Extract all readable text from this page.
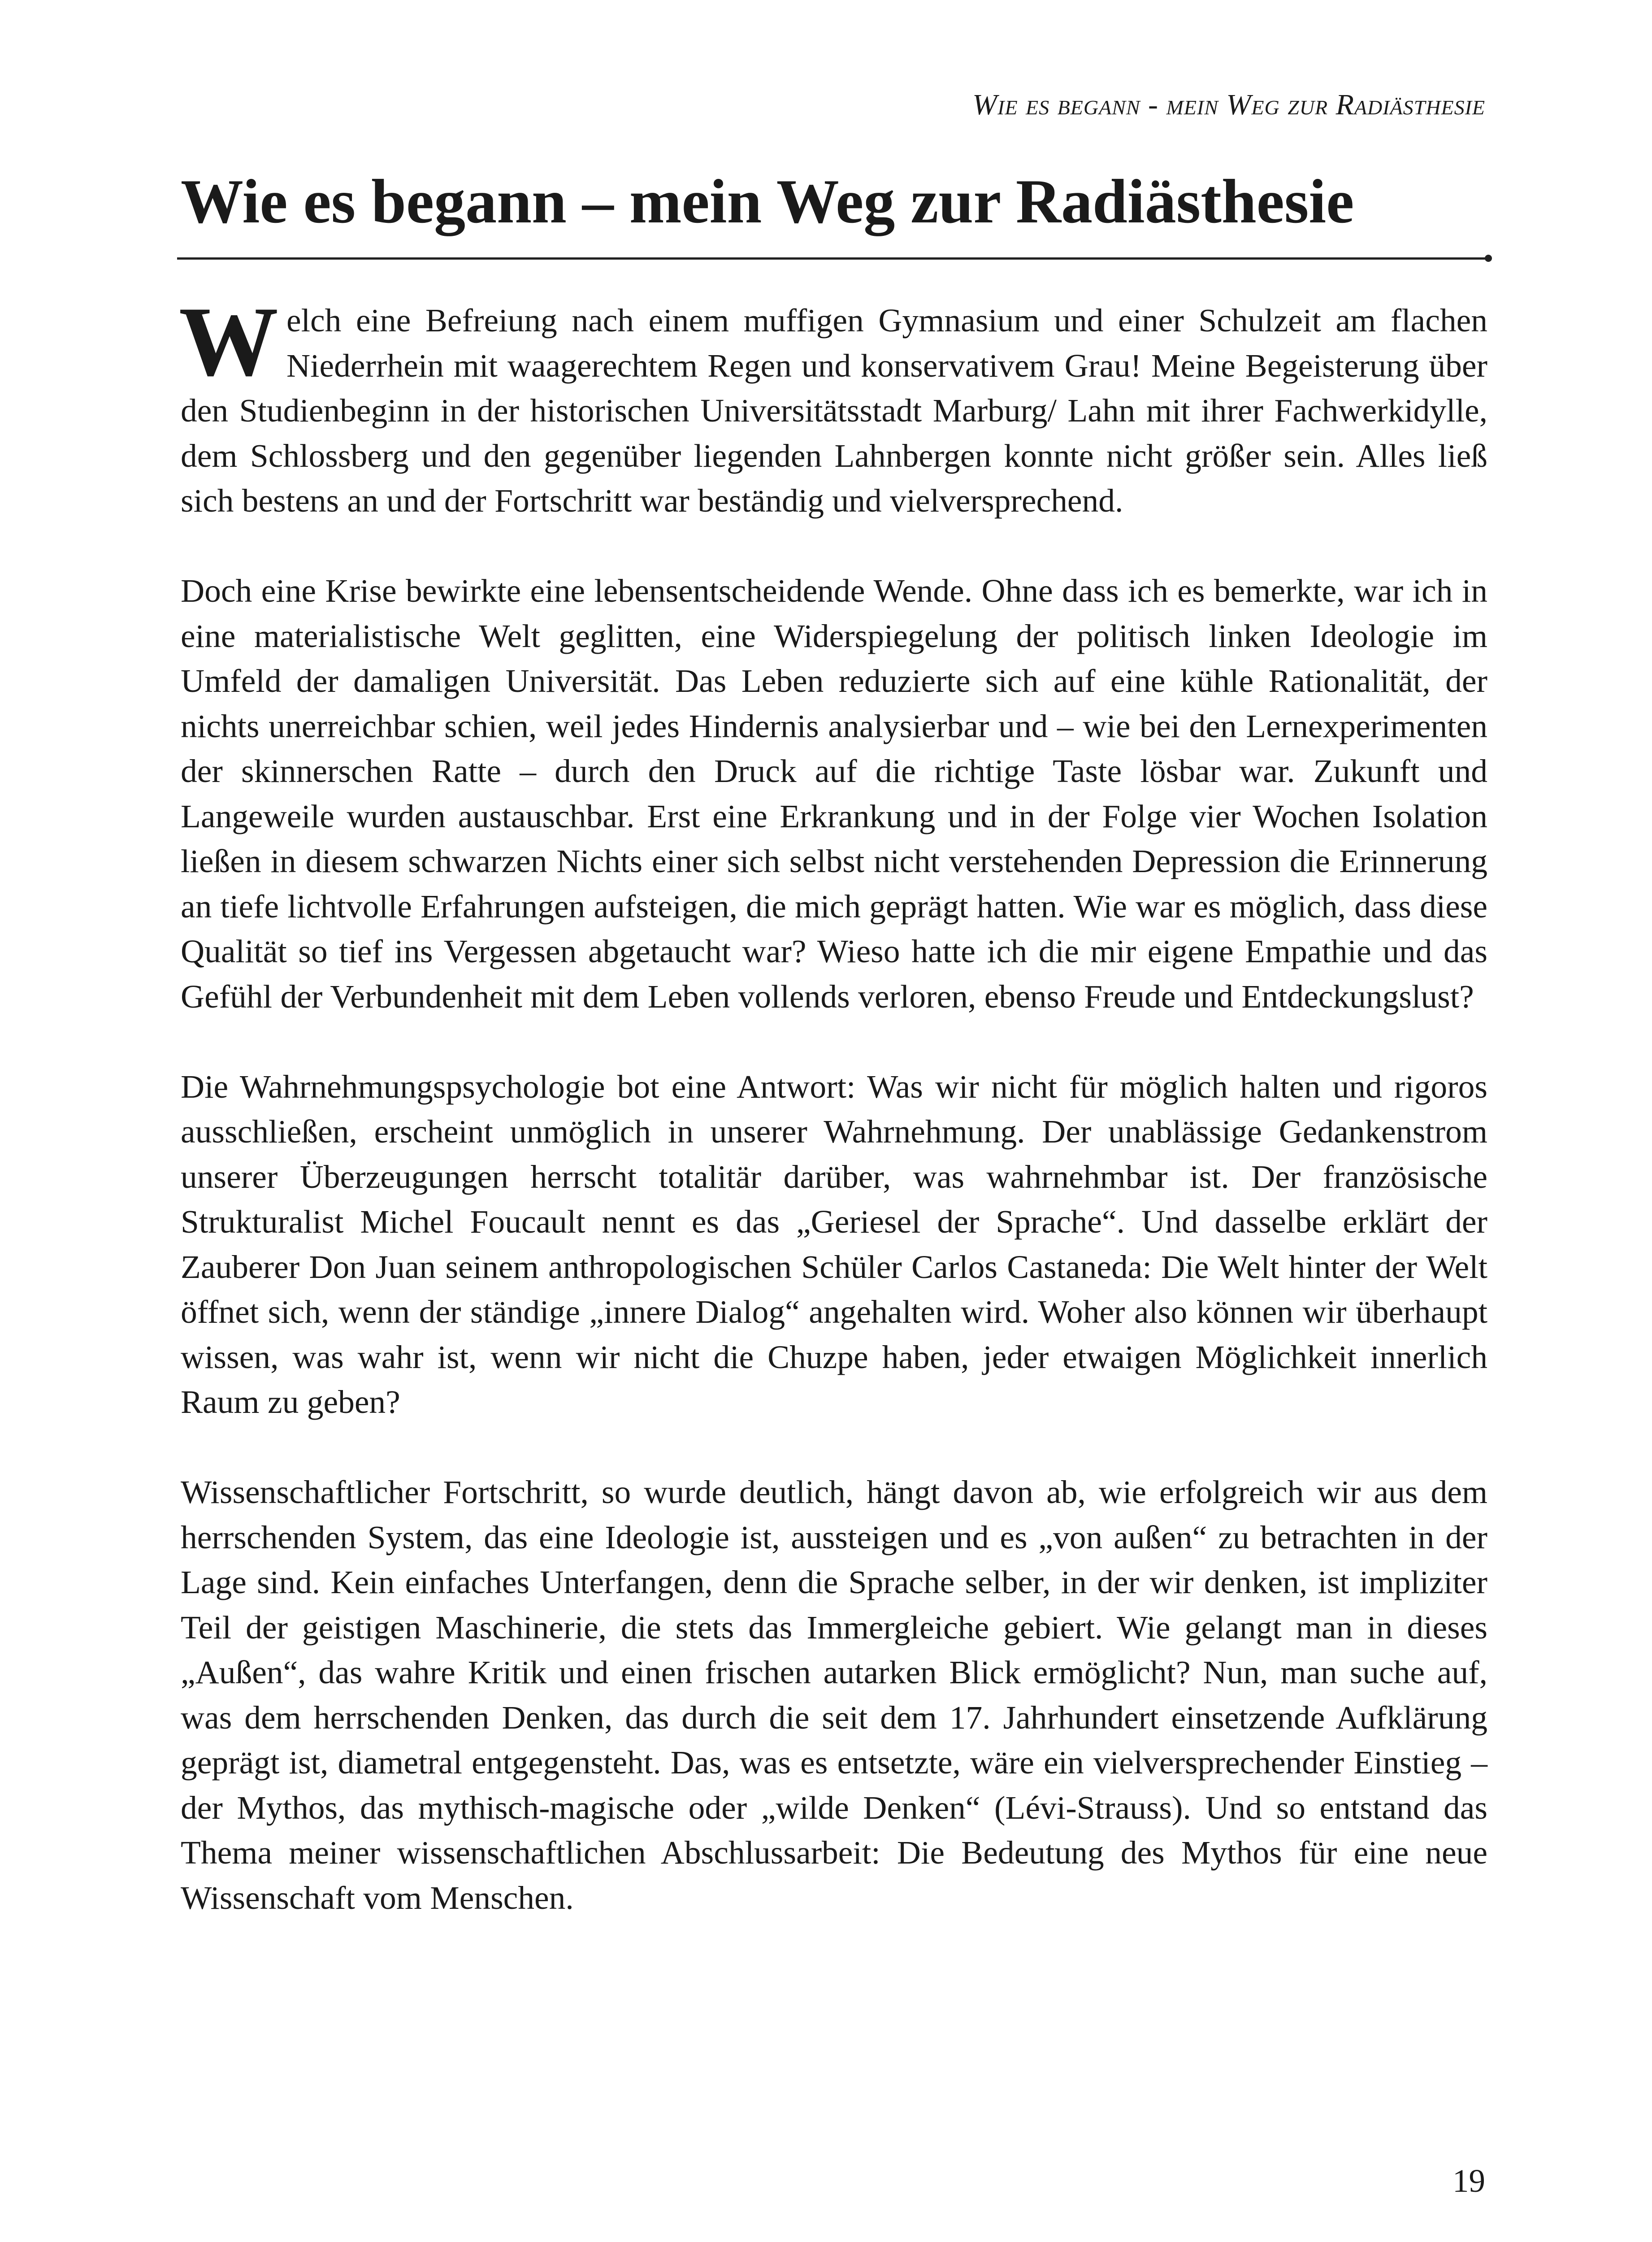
Wie es begann - mein Weg zur Radiästhesie
Wie es begann – mein Weg zur Radiästhesie

Welch eine Befreiung nach einem muffigen Gymnasium und einer Schulzeit am flachen Niederrhein mit waagerechtem Regen und konservativem Grau! Meine Begeisterung über den Studienbeginn in der historischen Universitätsstadt Marburg/ Lahn mit ihrer Fachwerkidylle, dem Schlossberg und den gegenüber liegenden Lahnbergen konnte nicht größer sein. Alles ließ sich bestens an und der Fortschritt war beständig und vielversprechend.

Doch eine Krise bewirkte eine lebensentscheidende Wende. Ohne dass ich es bemerkte, war ich in eine materialistische Welt geglitten, eine Widerspiegelung der politisch linken Ideologie im Umfeld der damaligen Universität. Das Leben reduzierte sich auf eine kühle Rationalität, der nichts unerreichbar schien, weil jedes Hindernis analysierbar und – wie bei den Lernexperimenten der skinnerschen Ratte – durch den Druck auf die richtige Taste lösbar war. Zukunft und Langeweile wurden austauschbar. Erst eine Erkrankung und in der Folge vier Wochen Isolation ließen in diesem schwarzen Nichts einer sich selbst nicht verstehenden Depression die Erinnerung an tiefe lichtvolle Erfahrungen aufsteigen, die mich geprägt hatten. Wie war es möglich, dass diese Qualität so tief ins Vergessen abgetaucht war? Wieso hatte ich die mir eigene Empathie und das Gefühl der Verbundenheit mit dem Leben vollends verloren, ebenso Freude und Entdeckungslust?

Die Wahrnehmungspsychologie bot eine Antwort: Was wir nicht für möglich halten und rigoros ausschließen, erscheint unmöglich in unserer Wahrnehmung. Der unablässige Gedankenstrom unserer Überzeugungen herrscht totalitär darüber, was wahrnehmbar ist. Der französische Strukturalist Michel Foucault nennt es das „Geriesel der Sprache“. Und dasselbe erklärt der Zauberer Don Juan seinem anthropologischen Schüler Carlos Castaneda: Die Welt hinter der Welt öffnet sich, wenn der ständige „innere Dialog“ angehalten wird. Woher also können wir überhaupt wissen, was wahr ist, wenn wir nicht die Chuzpe haben, jeder etwaigen Möglichkeit innerlich Raum zu geben?

Wissenschaftlicher Fortschritt, so wurde deutlich, hängt davon ab, wie erfolgreich wir aus dem herrschenden System, das eine Ideologie ist, aussteigen und es „von außen“ zu betrachten in der Lage sind. Kein einfaches Unterfangen, denn die Sprache selber, in der wir denken, ist impliziter Teil der geistigen Maschinerie, die stets das Immergleiche gebiert. Wie gelangt man in dieses „Außen“, das wahre Kritik und einen frischen autarken Blick ermöglicht? Nun, man suche auf, was dem herrschenden Denken, das durch die seit dem 17. Jahrhundert einsetzende Aufklärung geprägt ist, diametral entgegensteht. Das, was es entsetzte, wäre ein vielversprechender Einstieg – der Mythos, das mythisch-magische oder „wilde Denken“ (Lévi-Strauss). Und so entstand das Thema meiner wissenschaftlichen Abschlussarbeit: Die Bedeutung des Mythos für eine neue Wissenschaft vom Menschen.

19
